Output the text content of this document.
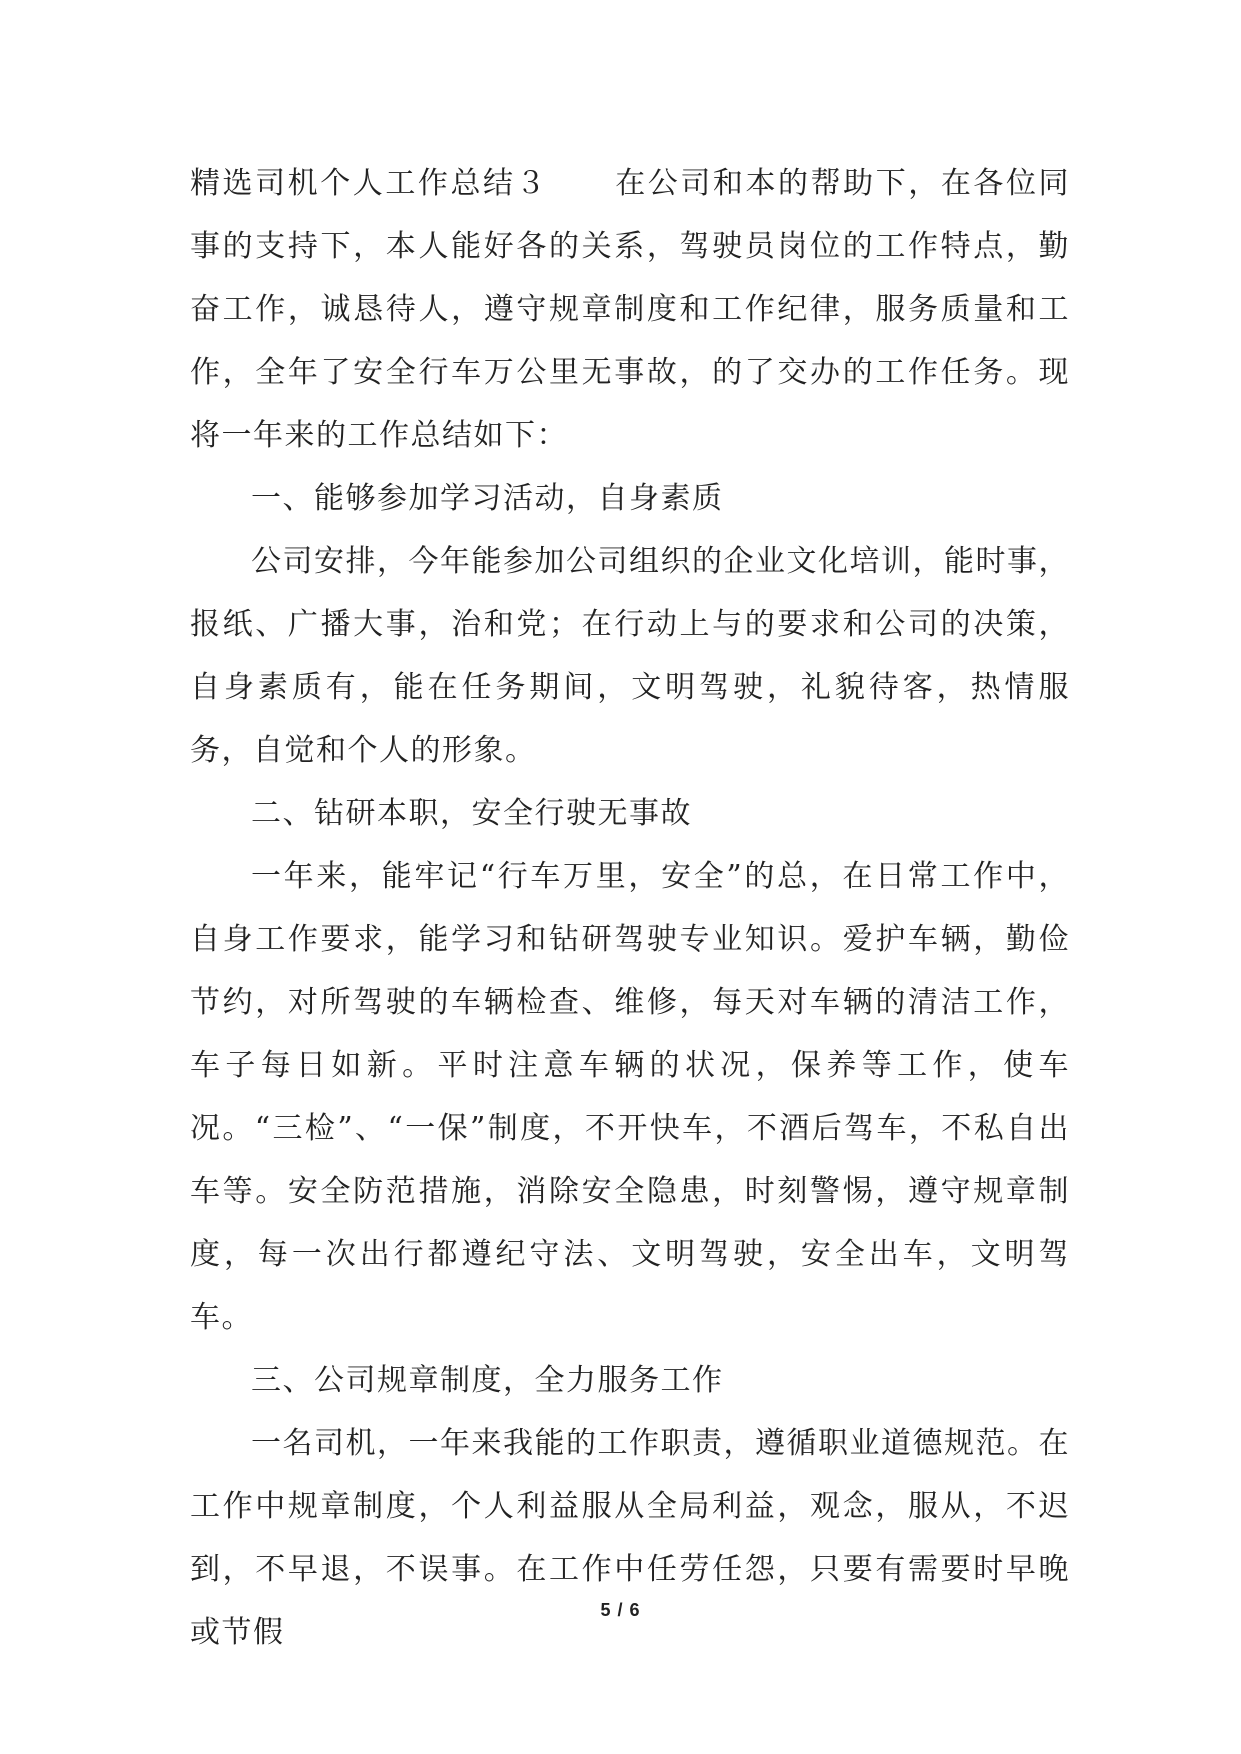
精选司机个人工作总结３ 在公司和本的帮助下，在各位同事的支持下，本人能好各的关系，驾驶员岗位的工作特点，勤奋工作，诚恳待人，遵守规章制度和工作纪律，服务质量和工作，全年了安全行车万公里无事故，的了交办的工作任务。现将一年来的工作总结如下：

一、能够参加学习活动，自身素质

公司安排，今年能参加公司组织的企业文化培训，能时事，报纸、广播大事，治和党；在行动上与的要求和公司的决策，自身素质有，能在任务期间，文明驾驶，礼貌待客，热情服务，自觉和个人的形象。

二、钻研本职，安全行驶无事故

一年来，能牢记“行车万里，安全”的总，在日常工作中，自身工作要求，能学习和钻研驾驶专业知识。爱护车辆，勤俭节约，对所驾驶的车辆检查、维修，每天对车辆的清洁工作，车子每日如新。平时注意车辆的状况，保养等工作，使车况。“三检”、“一保”制度，不开快车，不酒后驾车，不私自出车等。安全防范措施，消除安全隐患，时刻警惕，遵守规章制度，每一次出行都遵纪守法、文明驾驶，安全出车，文明驾车。

三、公司规章制度，全力服务工作

一名司机，一年来我能的工作职责，遵循职业道德规范。在工作中规章制度，个人利益服从全局利益，观念，服从，不迟到，不早退，不误事。在工作中任劳任怨，只要有需要时早晚或节假

5 / 6
